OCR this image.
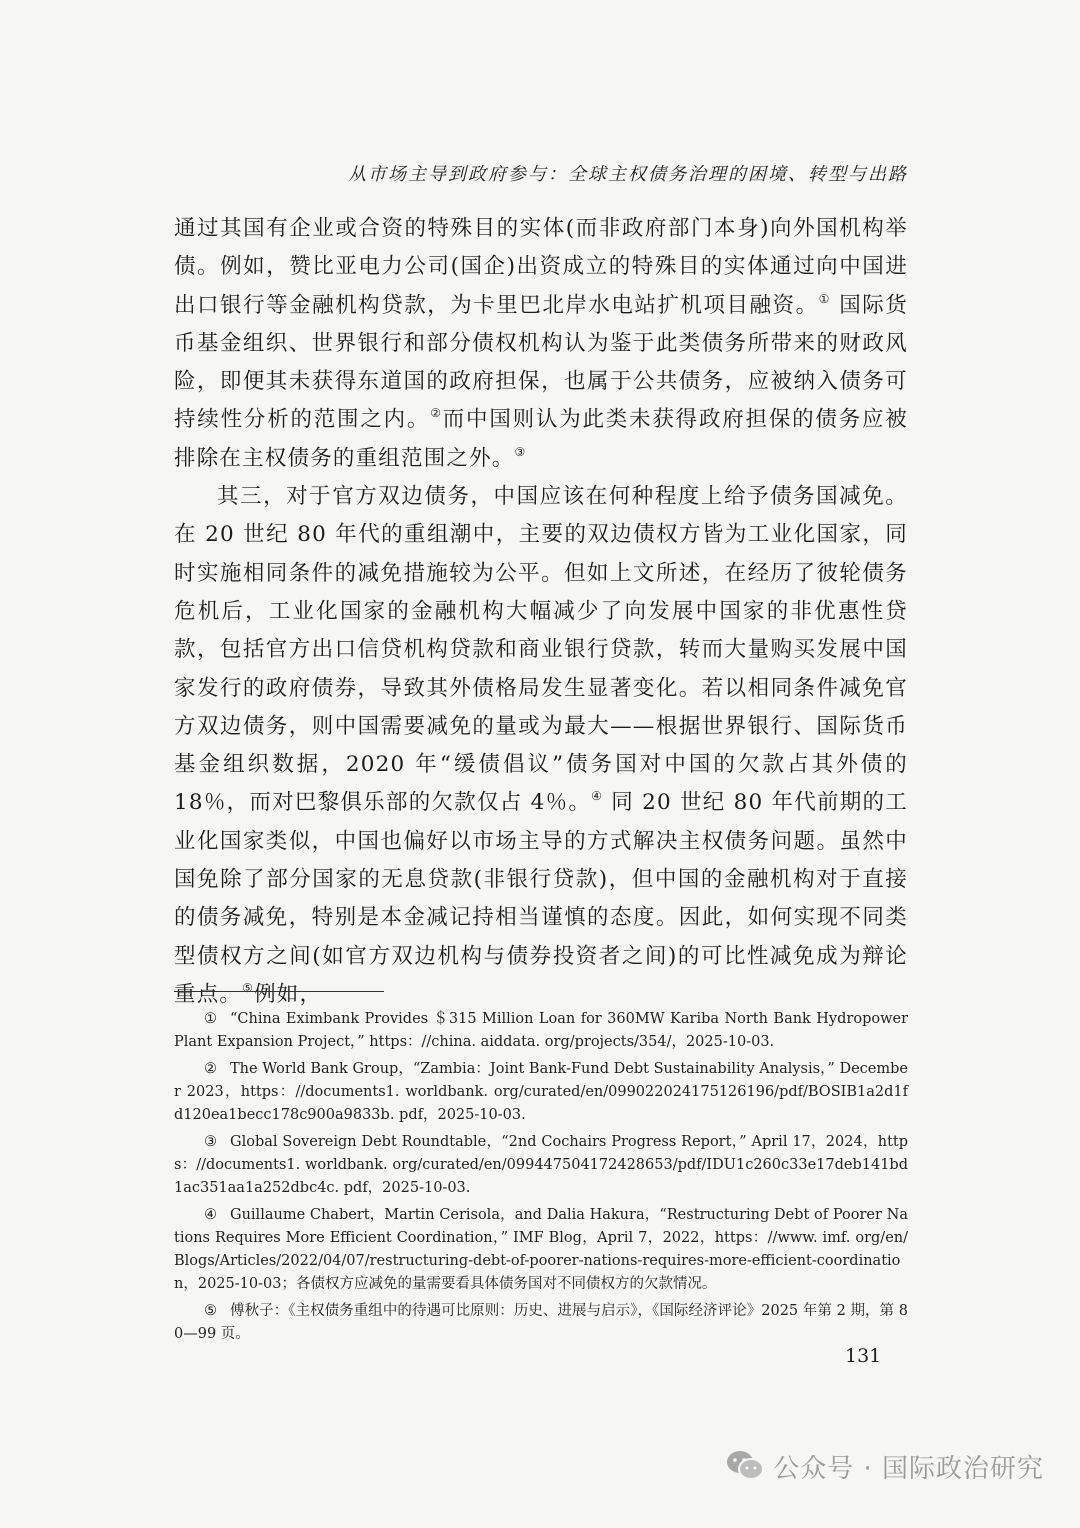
从市场主导到政府参与：全球主权债务治理的困境、转型与出路

通过其国有企业或合资的特殊目的实体(而非政府部门本身)向外国机构举债。例如，赞比亚电力公司(国企)出资成立的特殊目的实体通过向中国进出口银行等金融机构贷款，为卡里巴北岸水电站扩机项目融资。① 国际货币基金组织、世界银行和部分债权机构认为鉴于此类债务所带来的财政风险，即便其未获得东道国的政府担保，也属于公共债务，应被纳入债务可持续性分析的范围之内。②而中国则认为此类未获得政府担保的债务应被排除在主权债务的重组范围之外。③

其三，对于官方双边债务，中国应该在何种程度上给予债务国减免。在 20 世纪 80 年代的重组潮中，主要的双边债权方皆为工业化国家，同时实施相同条件的减免措施较为公平。但如上文所述，在经历了彼轮债务危机后，工业化国家的金融机构大幅减少了向发展中国家的非优惠性贷款，包括官方出口信贷机构贷款和商业银行贷款，转而大量购买发展中国家发行的政府债券，导致其外债格局发生显著变化。若以相同条件减免官方双边债务，则中国需要减免的量或为最大——根据世界银行、国际货币基金组织数据，2020 年“缓债倡议”债务国对中国的欠款占其外债的 18％，而对巴黎俱乐部的欠款仅占 4％。④ 同 20 世纪 80 年代前期的工业化国家类似，中国也偏好以市场主导的方式解决主权债务问题。虽然中国免除了部分国家的无息贷款(非银行贷款)，但中国的金融机构对于直接的债务减免，特别是本金减记持相当谨慎的态度。因此，如何实现不同类型债权方之间(如官方双边机构与债券投资者之间)的可比性减免成为辩论重点。⑤例如，

① “China Eximbank Provides ＄315 Million Loan for 360MW Kariba North Bank Hydropower Plant Expansion Project，” https：//china. aiddata. org/projects/354/，2025-10-03.

② The World Bank Group，“Zambia：Joint Bank-Fund Debt Sustainability Analysis，” December 2023，https：//documents1. worldbank. org/curated/en/099022024175126196/pdf/BOSIB1a2d1fd120ea1becc178c900a9833b. pdf，2025-10-03.

③ Global Sovereign Debt Roundtable，“2nd Cochairs Progress Report，” April 17，2024，https：//documents1. worldbank. org/curated/en/099447504172428653/pdf/IDU1c260c33e17deb141bd1ac351aa1a252dbc4c. pdf，2025-10-03.

④ Guillaume Chabert，Martin Cerisola，and Dalia Hakura，“Restructuring Debt of Poorer Nations Requires More Efficient Coordination，” IMF Blog，April 7，2022，https：//www. imf. org/en/Blogs/Articles/2022/04/07/restructuring-debt-of-poorer-nations-requires-more-efficient-coordination，2025-10-03；各债权方应减免的量需要看具体债务国对不同债权方的欠款情况。

⑤ 傅秋子：《主权债务重组中的待遇可比原则：历史、进展与启示》，《国际经济评论》2025 年第 2 期，第 80—99 页。

131
公众号 · 国际政治研究
